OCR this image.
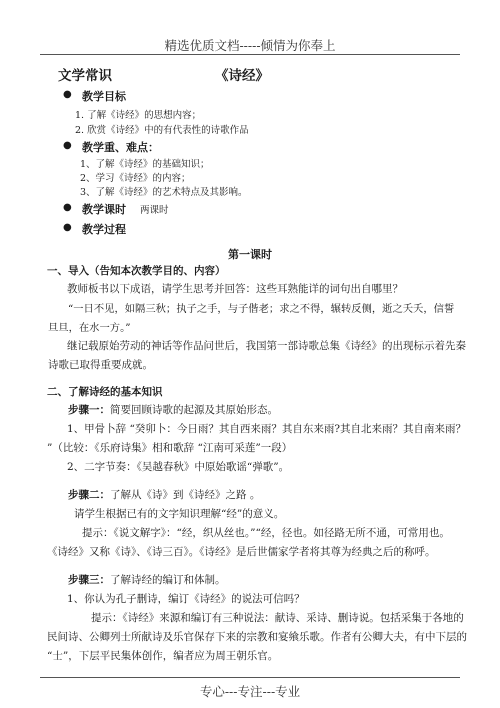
精选优质文档-----倾情为你奉上
文学常识	《诗经》
● 教学目标
1. 了解《诗经》的思想内容；
2. 欣赏《诗经》中的有代表性的诗歌作品
● 教学重、难点：
1、了解《诗经》的基础知识；
2、学习《诗经》的内容；
3、了解《诗经》的艺术特点及其影响。
● 教学课时 两课时
● 教学过程
第一课时
一、导入（告知本次教学目的、内容）
教师板书以下成语，请学生思考并回答：这些耳熟能详的词句出自哪里？
“一日不见，如隔三秋；执子之手，与子偕老；求之不得，辗转反侧，逝之夭夭，信誓
旦旦，在水一方。”
继记载原始劳动的神话等作品问世后，我国第一部诗歌总集《诗经》的出现标示着先秦
诗歌已取得重要成就。
二、了解诗经的基本知识
步骤一：简要回顾诗歌的起源及其原始形态。
1、甲骨卜辞 “癸卯卜：今日雨？其自西来雨？其自东来雨?其自北来雨？其自南来雨？
”（比较：《乐府诗集》相和歌辞 “江南可采莲”一段）
2、二字节奏：《吴越春秋》中原始歌谣“弹歌”。
步骤二：了解从《诗》到《诗经》之路 。
请学生根据已有的文字知识理解“经”的意义。
提示：《说文解字》：“经，织从丝也。”“经，径也。如径路无所不通，可常用也。
《诗经》又称《诗》、《诗三百》。《诗经》是后世儒家学者将其尊为经典之后的称呼。
步骤三：了解诗经的编订和体制。
1、你认为孔子删诗，编订《诗经》的说法可信吗？
提示：《诗经》来源和编订有三种说法：献诗、采诗、删诗说。包括采集于各地的
民间诗、公卿列士所献诗及乐官保存下来的宗教和宴飨乐歌。作者有公卿大夫，有中下层的
“士”，下层平民集体创作，编者应为周王朝乐官。
专心---专注---专业
